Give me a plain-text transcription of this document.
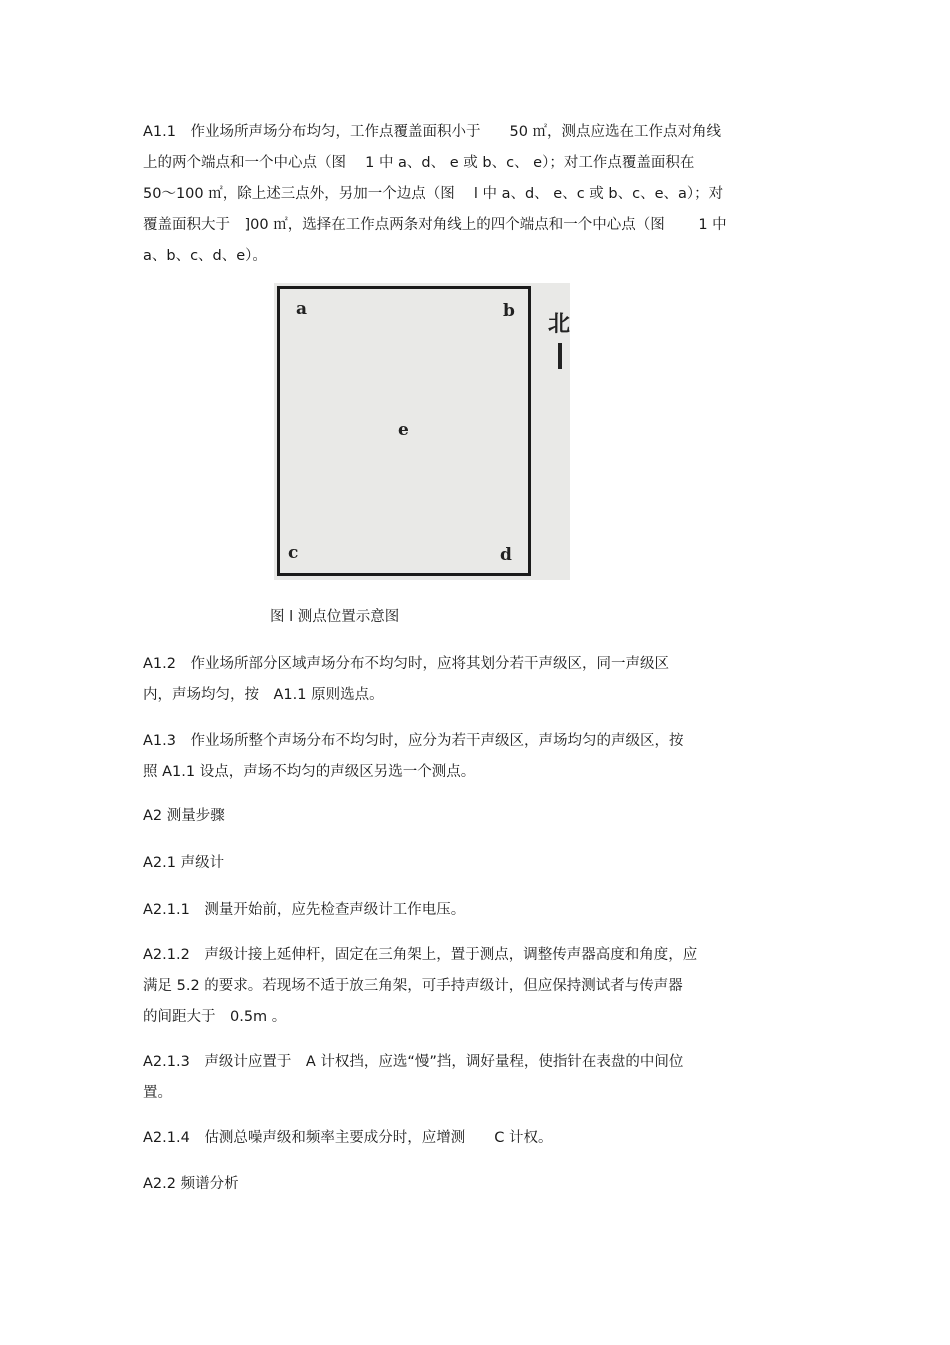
A1.1　作业场所声场分布均匀，工作点覆盖面积小于　　50 ㎡，测点应选在工作点对角线
上的两个端点和一个中心点（图　 1 中 a、d、 e 或 b、c、 e）；对工作点覆盖面积在
50～100 ㎡，除上述三点外，另加一个边点（图　 l 中 a、d、 e、c 或 b、c、e、a）；对
覆盖面积大于　]00 ㎡，选择在工作点两条对角线上的四个端点和一个中心点（图　　 1 中
a、b、c、d、e）。
a	b
e
c	d
北
图 l 测点位置示意图
A1.2　作业场所部分区域声场分布不均匀时，应将其划分若干声级区，同一声级区
内，声场均匀，按　A1.1 原则选点。
A1.3　作业场所整个声场分布不均匀时，应分为若干声级区，声场均匀的声级区，按
照 A1.1 设点，声场不均匀的声级区另选一个测点。
A2 测量步骤
A2.1 声级计
A2.1.1　测量开始前，应先检查声级计工作电压。
A2.1.2　声级计接上延伸杆，固定在三角架上，置于测点，调整传声器高度和角度，应
满足 5.2 的要求。若现场不适于放三角架，可手持声级计，但应保持测试者与传声器
的间距大于　0.5m 。
A2.1.3　声级计应置于　A 计权挡，应选“慢”挡，调好量程，使指针在表盘的中间位
置。
A2.1.4　估测总噪声级和频率主要成分时，应增测　　C 计权。
A2.2 频谱分析
